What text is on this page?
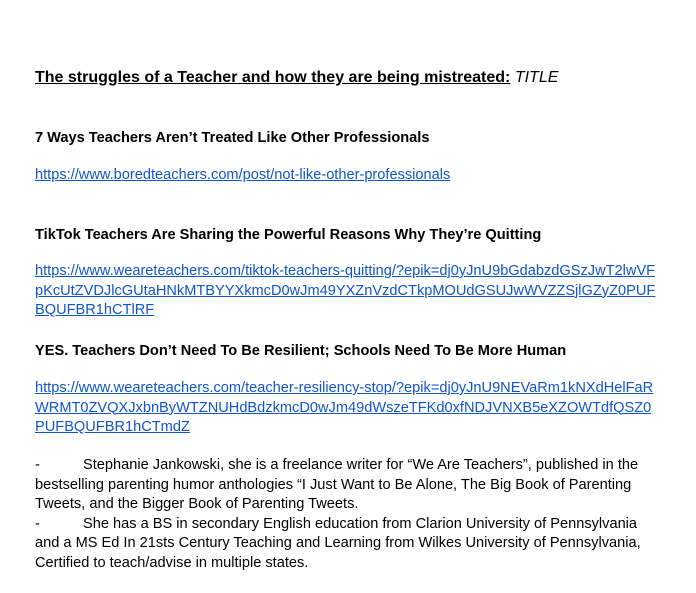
The struggles of a Teacher and how they are being mistreated: TITLE
7 Ways Teachers Aren’t Treated Like Other Professionals
https://www.boredteachers.com/post/not-like-other-professionals
TikTok Teachers Are Sharing the Powerful Reasons Why They’re Quitting
https://www.weareteachers.com/tiktok-teachers-quitting/?epik=dj0yJnU9bGdabzdGSzJwT2lwVF
pKcUtZVDJlcGUtaHNkMTBYYXkmcD0wJm49YXZnVzdCTkpMOUdGSUJwWVZZSjlGZyZ0PUF
BQUFBR1hCTlRF
YES. Teachers Don’t Need To Be Resilient; Schools Need To Be More Human
https://www.weareteachers.com/teacher-resiliency-stop/?epik=dj0yJnU9NEVaRm1kNXdHelFaR
WRMT0ZVQXJxbnByWTZNUHdBdzkmcD0wJm49dWszeTFKd0xfNDJVNXB5eXZOWTdfQSZ0
PUFBQUFBR1hCTmdZ
-	Stephanie Jankowski, she is a freelance writer for “We Are Teachers”, published in the bestselling parenting humor anthologies “I Just Want to Be Alone, The Big Book of Parenting Tweets, and the Bigger Book of Parenting Tweets.
-	She has a BS in secondary English education from Clarion University of Pennsylvania and a MS Ed In 21sts Century Teaching and Learning from Wilkes University of Pennsylvania, Certified to teach/advise in multiple states.
